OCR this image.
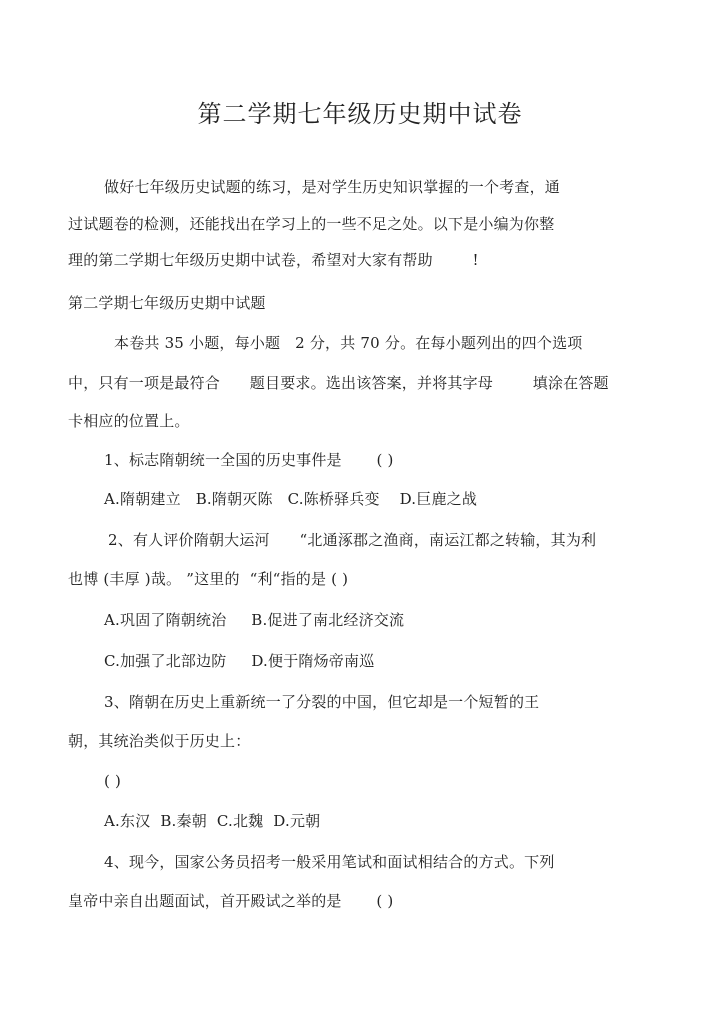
第二学期七年级历史期中试卷
做好七年级历史试题的练习，是对学生历史知识掌握的一个考查，通
过试题卷的检测，还能找出在学习上的一些不足之处。以下是小编为你整
理的第二学期七年级历史期中试卷，希望对大家有帮助        !
第二学期七年级历史期中试题
本卷共 35 小题，每小题   2 分，共 70 分。在每小题列出的四个选项
中，只有一项是最符合      题目要求。选出该答案，并将其字母        填涂在答题
卡相应的位置上。
1、标志隋朝统一全国的历史事件是       ( )
A.隋朝建立   B.隋朝灭陈   C.陈桥驿兵变    D.巨鹿之战
2、有人评价隋朝大运河      “北通涿郡之渔商，南运江都之转输，其为利
也博 (丰厚 )哉。 ”这里的  “利“指的是 ( )
A.巩固了隋朝统治     B.促进了南北经济交流
C.加强了北部边防     D.便于隋炀帝南巡
3、隋朝在历史上重新统一了分裂的中国，但它却是一个短暂的王
朝，其统治类似于历史上：
( )
A.东汉  B.秦朝  C.北魏  D.元朝
4、现今，国家公务员招考一般采用笔试和面试相结合的方式。下列
皇帝中亲自出题面试，首开殿试之举的是       ( )
